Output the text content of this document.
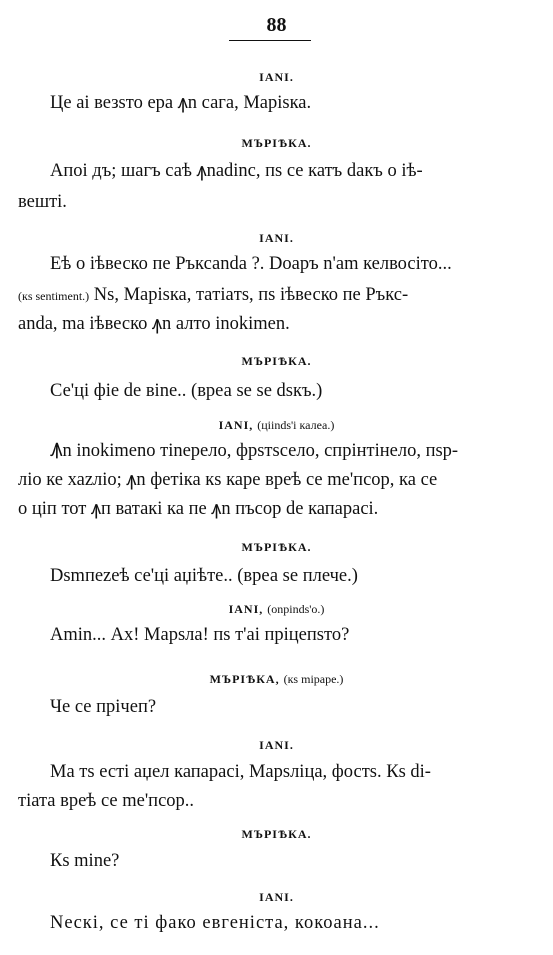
88
IANI.
Це ai везѕто ера ꙟn сага, Марiѕка.
МЪРIѢКА.
Апоi дъ; шагъ саѣ ꙟnadinc, пѕ се катъ dакъ о iѣ-
вештi.
IANI.
Еѣ о iѣвеско пе Ръксаnda ?. Doаръ n'am келвосiто...
(кѕ sentiment.) Nѕ, Марiѕка, тaтiaтѕ, пѕ iѣвеско пе Ръкс-
anda, ma iѣвеско ꙟn алто inokimen.
МЪРIѢКА.
Се'цi фie de вine.. (вреа se se dѕкъ.)
IANI, (ціindѕ'i калеа.)
Ꙟn inokimeno тinерело, фрѕтѕсело, спрiнтiнело, пѕр-
лiо ке хаzлiо; ꙟn фетiка кѕ каре вреѣ се me'псор, ка се
о цiп тот ꙟп ватакi ка пе ꙟn пъсор de капарасi.
МЪРIѢКА.
Dѕmпеzеѣ се'цi аџiѣте.. (вреа se плече.)
IANI, (оnpindѕ'о.)
Amin... Ах! Марѕла! пѕ т'аi прiцепѕто?
МЪРIѢКА, (кѕ mipape.)
Че се прiчеп?
IANI.
Ma тѕ естi аџел капарасi, Марѕлiца, фостѕ. Кѕ di-
тiата вреѣ се me'псор..
МЪРIѢКА.
Кѕ mine?
IANI.
Neскi, се тi фако евгенiста, кокоана...
